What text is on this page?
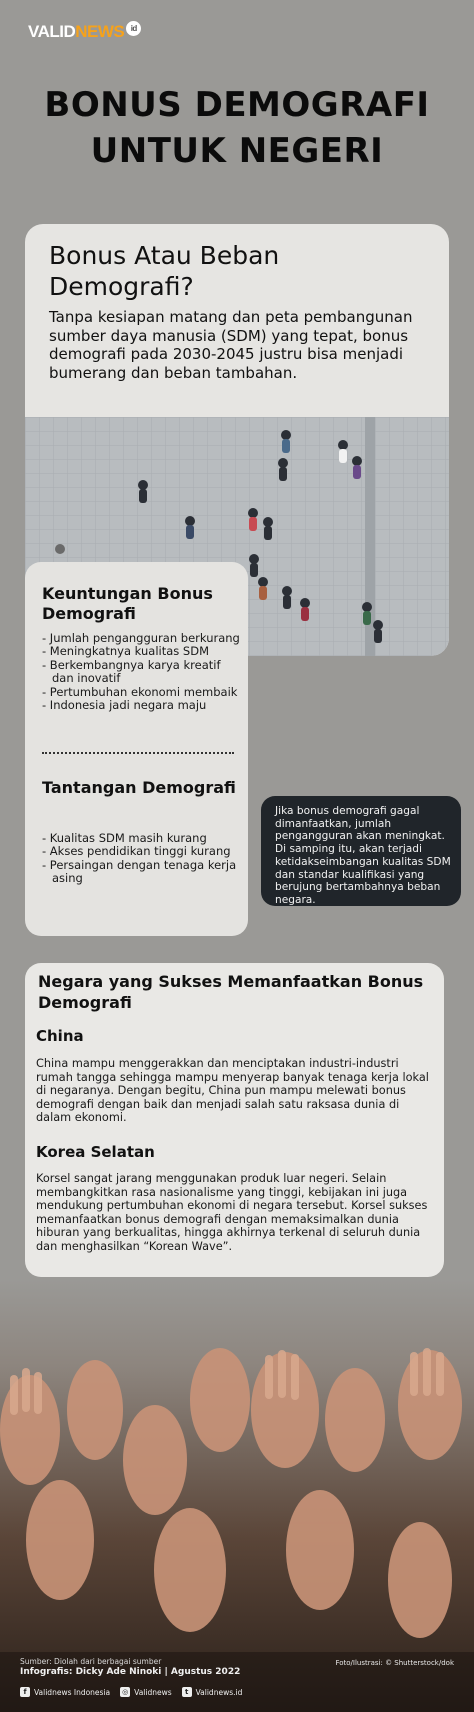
VALID NEWS id
BONUS DEMOGRAFI
UNTUK NEGERI
Bonus Atau Beban Demografi?
Tanpa kesiapan matang dan peta pembangunan sumber daya manusia (SDM) yang tepat, bonus demografi pada 2030-2045 justru bisa menjadi bumerang dan beban tambahan.
Keuntungan Bonus Demografi
- Jumlah pengangguran berkurang
- Meningkatnya kualitas SDM
- Berkembangnya karya kreatif dan inovatif
- Pertumbuhan ekonomi membaik
- Indonesia jadi negara maju
Tantangan Demografi
- Kualitas SDM masih kurang
- Akses pendidikan tinggi kurang
- Persaingan dengan tenaga kerja asing
Jika bonus demografi gagal dimanfaatkan, jumlah pengangguran akan meningkat. Di samping itu, akan terjadi ketidakseimbangan kualitas SDM dan standar kualifikasi yang berujung bertambahnya beban negara.
Negara yang Sukses Memanfaatkan Bonus Demografi
China

China mampu menggerakkan dan menciptakan industri-industri rumah tangga sehingga mampu menyerap banyak tenaga kerja lokal di negaranya. Dengan begitu, China pun mampu melewati bonus demografi dengan baik dan menjadi salah satu raksasa dunia di dalam ekonomi.

Korea Selatan

Korsel sangat jarang menggunakan produk luar negeri. Selain membangkitkan rasa nasionalisme yang tinggi, kebijakan ini juga mendukung pertumbuhan ekonomi di negara tersebut. Korsel sukses memanfaatkan bonus demografi dengan memaksimalkan dunia hiburan yang berkualitas, hingga akhirnya terkenal di seluruh dunia dan menghasilkan “Korean Wave”.

Sumber: Diolah dari berbagai sumber
Infografis: Dicky Ade Ninoki | Agustus 2022
Foto/Ilustrasi: © Shutterstock/dok
f Validnews Indonesia ◎ Validnews	t Validnews.id
